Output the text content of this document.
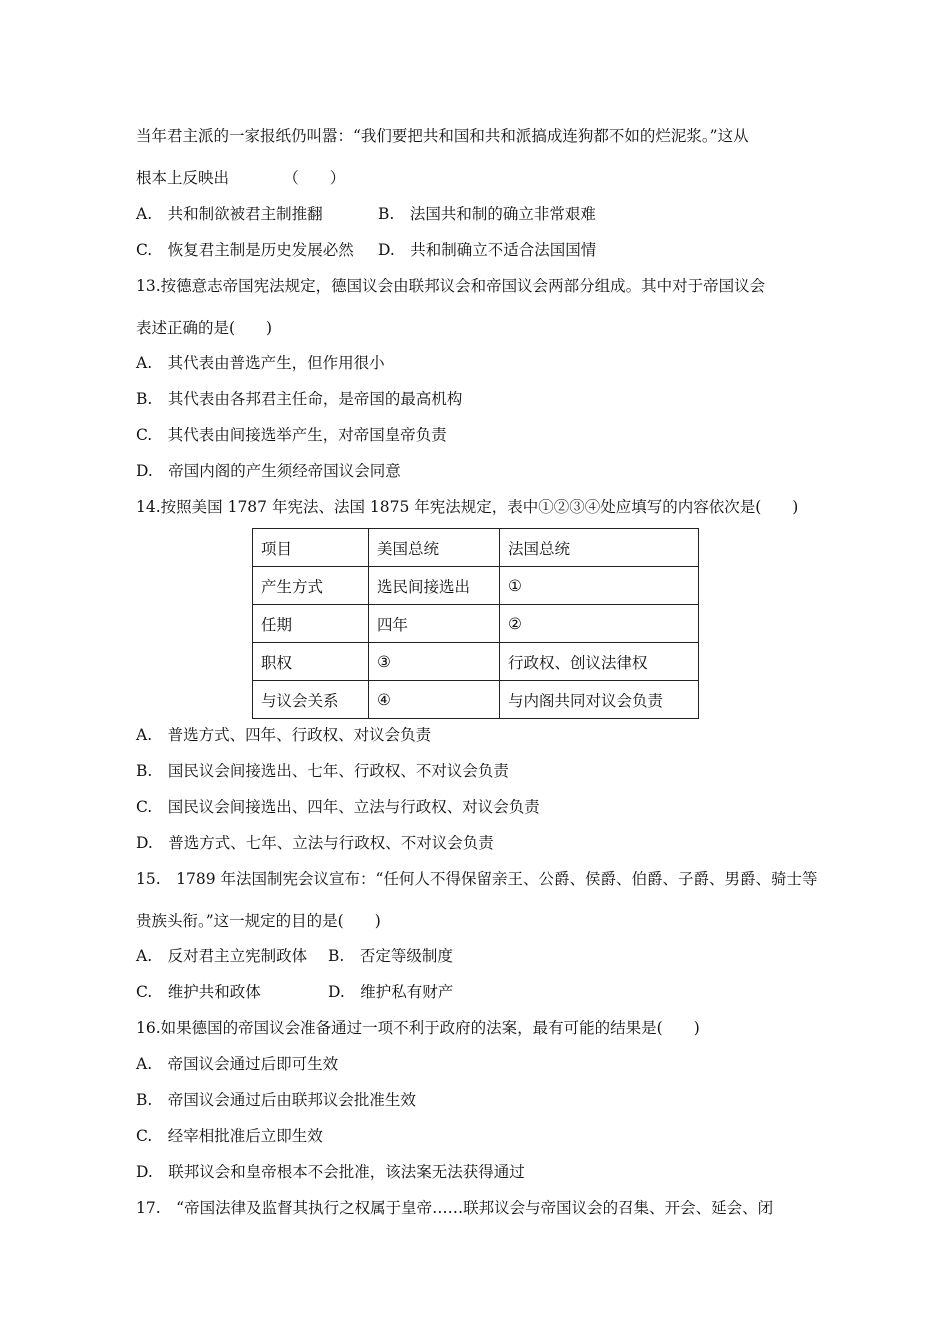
当年君主派的一家报纸仍叫嚣：“我们要把共和国和共和派搞成连狗都不如的烂泥浆。”这从
根本上反映出　　　　（　　）
A.　共和制欲被君主制推翻	B.　法国共和制的确立非常艰难
C.　恢复君主制是历史发展必然 D.　共和制确立不适合法国国情
13.按德意志帝国宪法规定，德国议会由联邦议会和帝国议会两部分组成。其中对于帝国议会
表述正确的是(　　)
A.　其代表由普选产生，但作用很小
B.　其代表由各邦君主任命，是帝国的最高机构
C.　其代表由间接选举产生，对帝国皇帝负责
D.　帝国内阁的产生须经帝国议会同意
14.按照美国 1787 年宪法、法国 1875 年宪法规定，表中①②③④处应填写的内容依次是(　　)
项目	美国总统	法国总统
产生方式	选民间接选出	①
任期	四年	②
职权	③	行政权、创议法律权
与议会关系	④	与内阁共同对议会负责
A.　普选方式、四年、行政权、对议会负责
B.　国民议会间接选出、七年、行政权、不对议会负责
C.　国民议会间接选出、四年、立法与行政权、对议会负责
D.　普选方式、七年、立法与行政权、不对议会负责
15.　1789 年法国制宪会议宣布：“任何人不得保留亲王、公爵、侯爵、伯爵、子爵、男爵、骑士等
贵族头衔。”这一规定的目的是(　　)
A.　反对君主立宪制政体 B.　否定等级制度
C.　维护共和政体	D.　维护私有财产
16.如果德国的帝国议会准备通过一项不利于政府的法案，最有可能的结果是(　　)
A.　帝国议会通过后即可生效
B.　帝国议会通过后由联邦议会批准生效
C.　经宰相批准后立即生效
D.　联邦议会和皇帝根本不会批准，该法案无法获得通过
17.　“帝国法律及监督其执行之权属于皇帝……联邦议会与帝国议会的召集、开会、延会、闭
